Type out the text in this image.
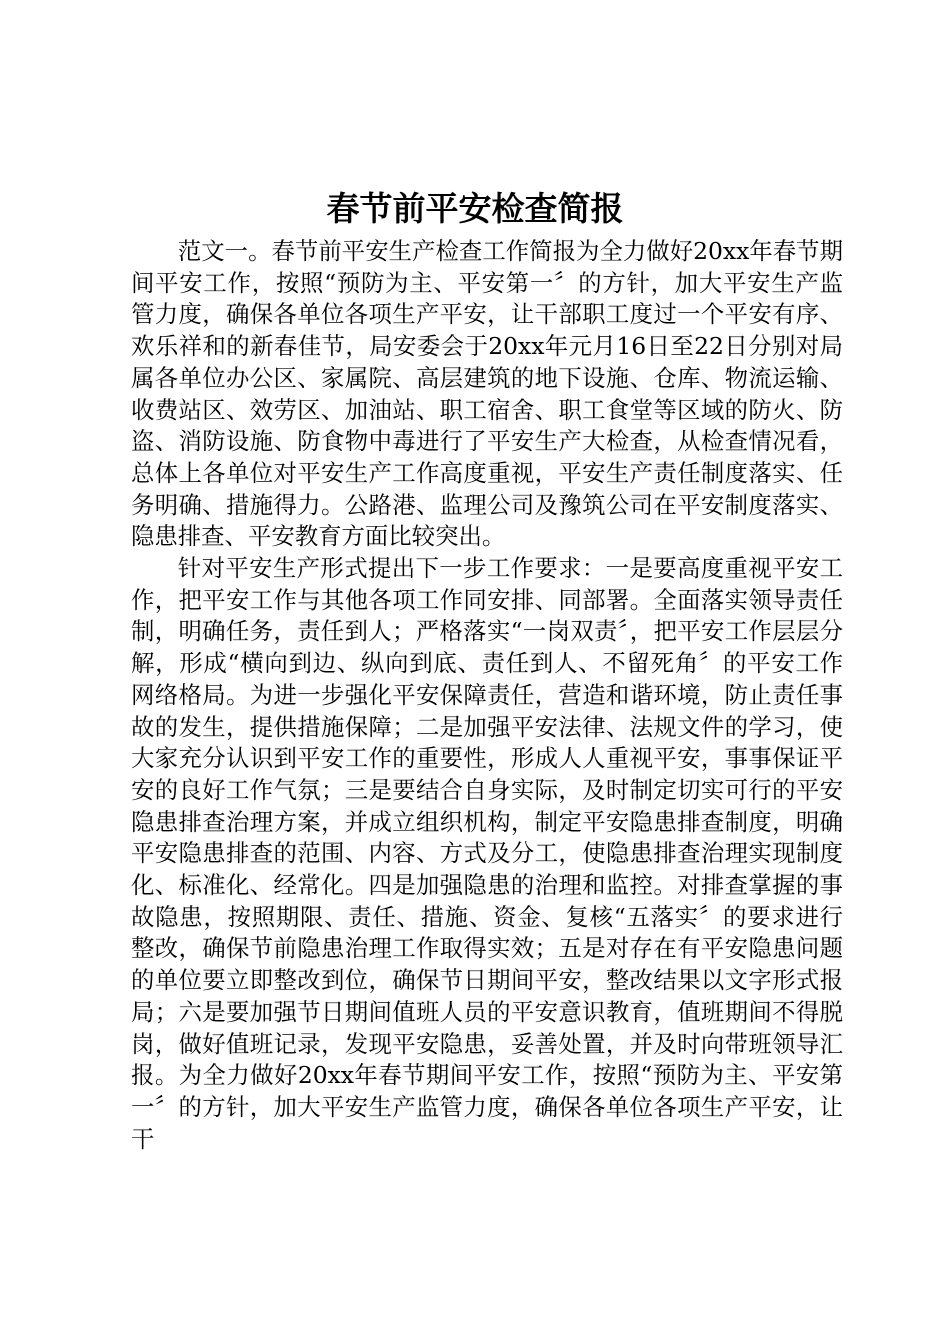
春节前平安检查简报

范文一。春节前平安生产检查工作简报为全力做好20xx年春节期间平安工作，按照“预防为主、平安第一〞的方针，加大平安生产监管力度，确保各单位各项生产平安，让干部职工度过一个平安有序、欢乐祥和的新春佳节，局安委会于20xx年元月16日至22日分别对局属各单位办公区、家属院、高层建筑的地下设施、仓库、物流运输、收费站区、效劳区、加油站、职工宿舍、职工食堂等区域的防火、防盗、消防设施、防食物中毒进行了平安生产大检查，从检查情况看，总体上各单位对平安生产工作高度重视，平安生产责任制度落实、任务明确、措施得力。公路港、监理公司及豫筑公司在平安制度落实、隐患排查、平安教育方面比较突出。

针对平安生产形式提出下一步工作要求：一是要高度重视平安工作，把平安工作与其他各项工作同安排、同部署。全面落实领导责任制，明确任务，责任到人；严格落实“一岗双责〞，把平安工作层层分解，形成“横向到边、纵向到底、责任到人、不留死角〞的平安工作网络格局。为进一步强化平安保障责任，营造和谐环境，防止责任事故的发生，提供措施保障；二是加强平安法律、法规文件的学习，使大家充分认识到平安工作的重要性，形成人人重视平安，事事保证平安的良好工作气氛；三是要结合自身实际，及时制定切实可行的平安隐患排查治理方案，并成立组织机构，制定平安隐患排查制度，明确平安隐患排查的范围、内容、方式及分工，使隐患排查治理实现制度化、标准化、经常化。四是加强隐患的治理和监控。对排查掌握的事故隐患，按照期限、责任、措施、资金、复核“五落实〞的要求进行整改，确保节前隐患治理工作取得实效；五是对存在有平安隐患问题的单位要立即整改到位，确保节日期间平安，整改结果以文字形式报局；六是要加强节日期间值班人员的平安意识教育，值班期间不得脱岗，做好值班记录，发现平安隐患，妥善处置，并及时向带班领导汇报。为全力做好20xx年春节期间平安工作，按照“预防为主、平安第一〞的方针，加大平安生产监管力度，确保各单位各项生产平安，让干
